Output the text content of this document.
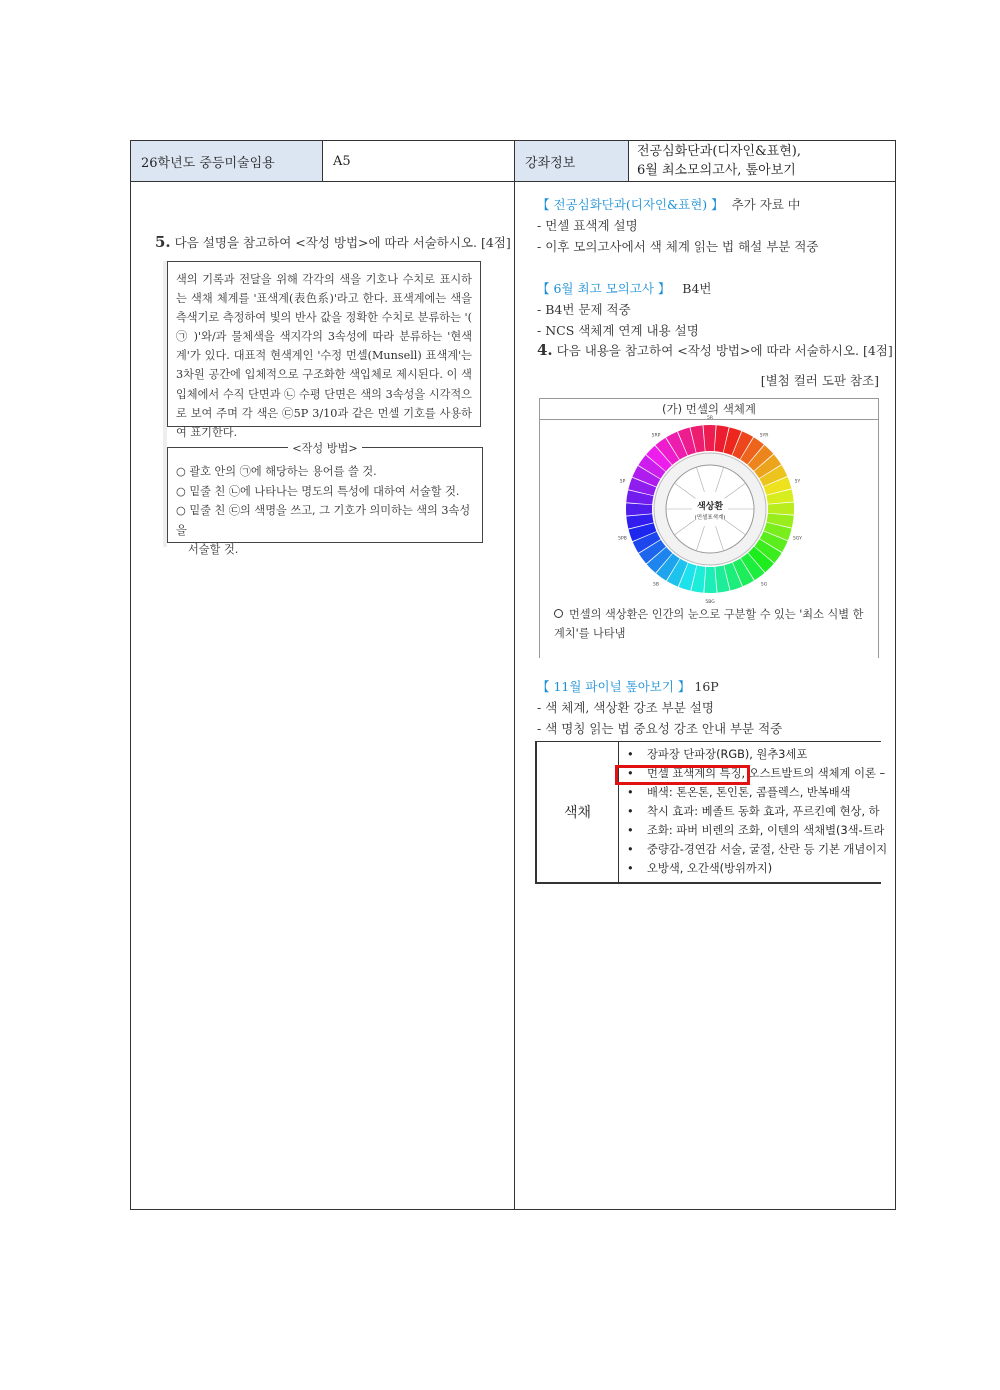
26학년도 중등미술임용	A5	강좌정보
전공심화단과(디자인&표현),
6월 최소모의고사, 톺아보기
5. 다음 설명을 참고하여 <작성 방법>에 따라 서술하시오. [4점]
색의 기록과 전달을 위해 각각의 색을 기호나 수치로 표시하는 색채 체계를 '표색계(表色系)'라고 한다. 표색계에는 색을 측색기로 측정하여 빛의 반사 값을 정확한 수치로 분류하는 '( ㉠ )'와/과 물체색을 색지각의 3속성에 따라 분류하는 '현색계'가 있다. 대표적 현색계인 '수정 먼셀(Munsell) 표색계'는 3차원 공간에 입체적으로 구조화한 색입체로 제시된다. 이 색입체에서 수직 단면과 ㉡ 수평 단면은 색의 3속성을 시각적으로 보여 주며 각 색은 ㉢5P 3/10과 같은 먼셀 기호를 사용하여 표기한다.
<작성 방법>
○ 괄호 안의 ㉠에 해당하는 용어를 쓸 것.
○ 밑줄 친 ㉡에 나타나는 명도의 특성에 대하여 서술할 것.
○ 밑줄 친 ㉢의 색명을 쓰고, 그 기호가 의미하는 색의 3속성을
서술할 것.
【 전공심화단과(디자인&표현) 】 추가 자료 中
- 먼셀 표색계 설명
- 이후 모의고사에서 색 체계 읽는 법 해설 부분 적중
【 6월 최고 모의고사 】 B4번
- B4번 문제 적중
- NCS 색체계 연계 내용 설명
4. 다음 내용을 참고하여 <작성 방법>에 따라 서술하시오. [4점]
[별첨 컬러 도판 참조]
(가) 먼셀의 색체계
5R
5YR
5Y
5GY
5G
5BG
5B
5PB
5P
5RP
색상환
(먼셀표색계)
먼셀의 색상환은 인간의 눈으로 구분할 수 있는 '최소 식별 한계치'를 나타냄
【 11월 파이널 톺아보기 】 16P
- 색 체계, 색상환 강조 부분 설명
- 색 명칭 읽는 법 중요성 강조 안내 부분 적중
색채
• 장파장 단파장(RGB), 원추3세포
• 먼셀 표색계의 특징, 오스트발트의 색체계 이론 –
• 배색: 톤온톤, 톤인톤, 콤플렉스, 반복배색
• 착시 효과: 베졸트 동화 효과, 푸르킨예 현상, 하
• 조화: 파버 비렌의 조화, 이텐의 색채별(3색-트라
• 중량감-경연감 서술, 굴절, 산란 등 기본 개념이지
• 오방색, 오간색(방위까지)
